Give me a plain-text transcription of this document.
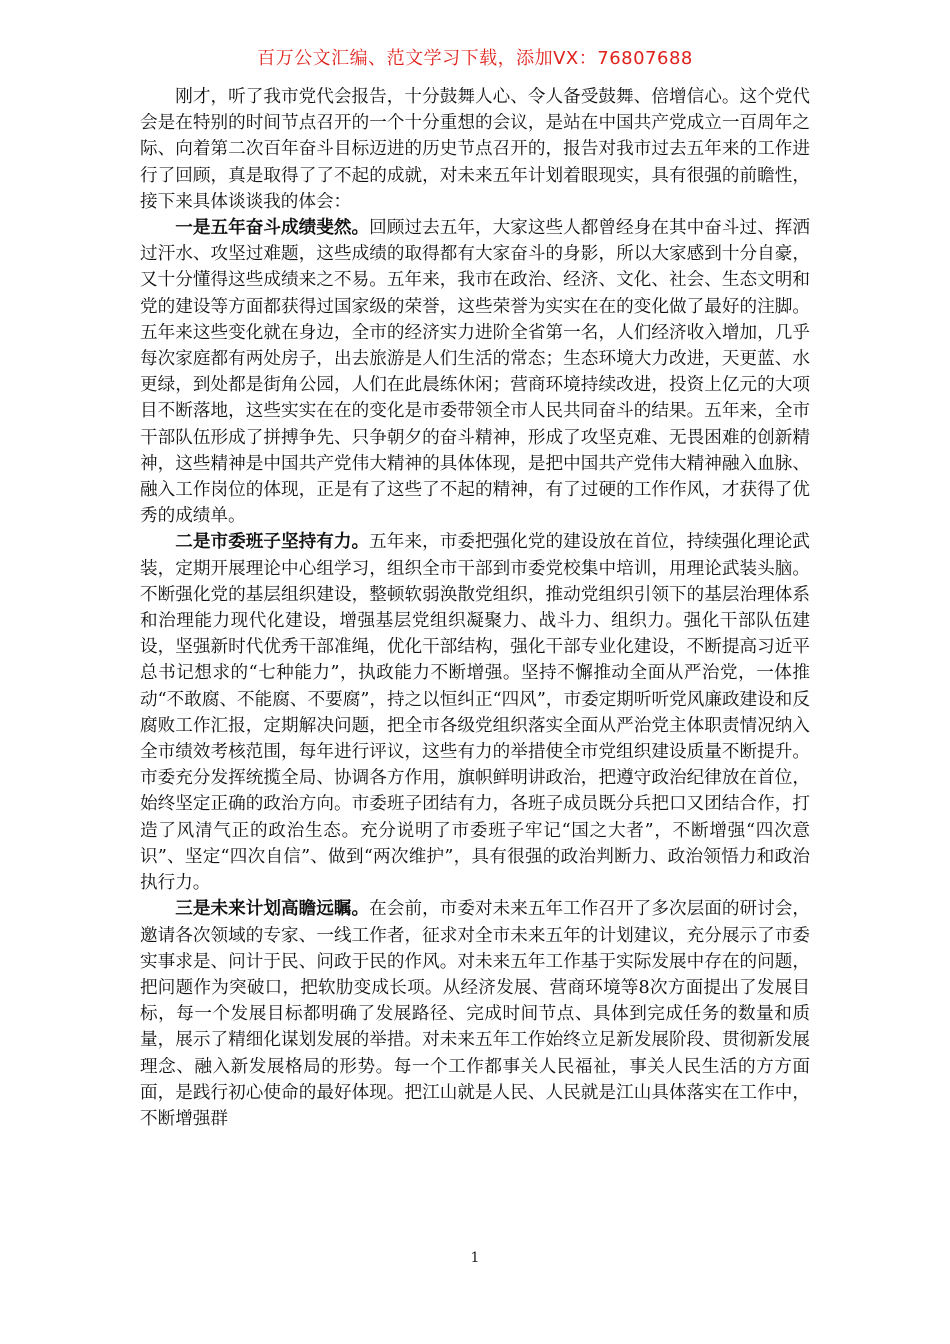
百万公文汇编、范文学习下载，添加VX：76807688

刚才，听了我市党代会报告，十分鼓舞人心、令人备受鼓舞、倍增信心。这个党代会是在特别的时间节点召开的一个十分重想的会议，是站在中国共产党成立一百周年之际、向着第二次百年奋斗目标迈进的历史节点召开的，报告对我市过去五年来的工作进行了回顾，真是取得了了不起的成就，对未来五年计划着眼现实，具有很强的前瞻性，接下来具体谈谈我的体会：

一是五年奋斗成绩斐然。回顾过去五年，大家这些人都曾经身在其中奋斗过、挥洒过汗水、攻坚过难题，这些成绩的取得都有大家奋斗的身影，所以大家感到十分自豪，又十分懂得这些成绩来之不易。五年来，我市在政治、经济、文化、社会、生态文明和党的建设等方面都获得过国家级的荣誉，这些荣誉为实实在在的变化做了最好的注脚。五年来这些变化就在身边，全市的经济实力进阶全省第一名，人们经济收入增加，几乎每次家庭都有两处房子，出去旅游是人们生活的常态；生态环境大力改进，天更蓝、水更绿，到处都是街角公园，人们在此晨练休闲；营商环境持续改进，投资上亿元的大项目不断落地，这些实实在在的变化是市委带领全市人民共同奋斗的结果。五年来，全市干部队伍形成了拼搏争先、只争朝夕的奋斗精神，形成了攻坚克难、无畏困难的创新精神，这些精神是中国共产党伟大精神的具体体现，是把中国共产党伟大精神融入血脉、融入工作岗位的体现，正是有了这些了不起的精神，有了过硬的工作作风，才获得了优秀的成绩单。

二是市委班子坚持有力。五年来，市委把强化党的建设放在首位，持续强化理论武装，定期开展理论中心组学习，组织全市干部到市委党校集中培训，用理论武装头脑。不断强化党的基层组织建设，整顿软弱涣散党组织，推动党组织引领下的基层治理体系和治理能力现代化建设，增强基层党组织凝聚力、战斗力、组织力。强化干部队伍建设，坚强新时代优秀干部准绳，优化干部结构，强化干部专业化建设，不断提高习近平总书记想求的“七种能力”，执政能力不断增强。坚持不懈推动全面从严治党，一体推动“不敢腐、不能腐、不要腐”，持之以恒纠正“四风”，市委定期听听党风廉政建设和反腐败工作汇报，定期解决问题，把全市各级党组织落实全面从严治党主体职责情况纳入全市绩效考核范围，每年进行评议，这些有力的举措使全市党组织建设质量不断提升。市委充分发挥统揽全局、协调各方作用，旗帜鲜明讲政治，把遵守政治纪律放在首位，始终坚定正确的政治方向。市委班子团结有力，各班子成员既分兵把口又团结合作，打造了风清气正的政治生态。充分说明了市委班子牢记“国之大者”，不断增强“四次意识”、坚定“四次自信”、做到“两次维护”，具有很强的政治判断力、政治领悟力和政治执行力。

三是未来计划高瞻远瞩。在会前，市委对未来五年工作召开了多次层面的研讨会，邀请各次领域的专家、一线工作者，征求对全市未来五年的计划建议，充分展示了市委实事求是、问计于民、问政于民的作风。对未来五年工作基于实际发展中存在的问题，把问题作为突破口，把软肋变成长项。从经济发展、营商环境等8次方面提出了发展目标，每一个发展目标都明确了发展路径、完成时间节点、具体到完成任务的数量和质量，展示了精细化谋划发展的举措。对未来五年工作始终立足新发展阶段、贯彻新发展理念、融入新发展格局的形势。每一个工作都事关人民福祉，事关人民生活的方方面面，是践行初心使命的最好体现。把江山就是人民、人民就是江山具体落实在工作中，不断增强群

1
